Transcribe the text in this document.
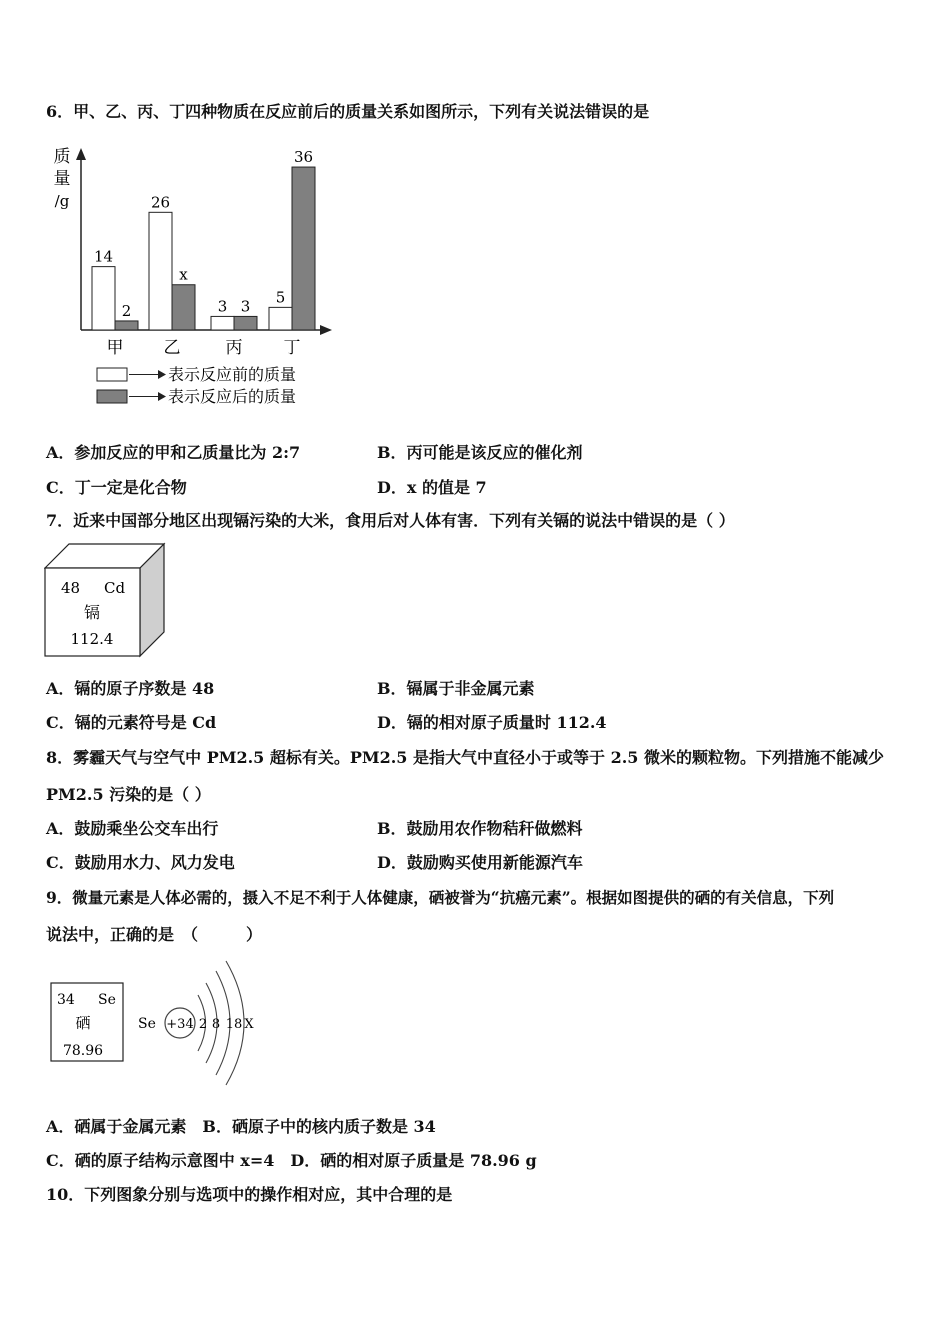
6．甲、乙、丙、丁四种物质在反应前后的质量关系如图所示，下列有关说法错误的是
质
量
/g
14
2
甲
26
x
乙
3 3
丙
5
36
丁
表示反应前的质量
表示反应后的质量
A．参加反应的甲和乙质量比为 2:7	B．丙可能是该反应的催化剂
C．丁一定是化合物	D．x 的值是 7
7．近来中国部分地区出现镉污染的大米，食用后对人体有害．下列有关镉的说法中错误的是（ ）
48 Cd
镉
112.4
A．镉的原子序数是 48	B．镉属于非金属元素
C．镉的元素符号是 Cd	D．镉的相对原子质量时 112.4
8．雾霾天气与空气中 PM2.5 超标有关。PM2.5 是指大气中直径小于或等于 2.5 微米的颗粒物。下列措施不能减少
PM2.5 污染的是（ ）
A．鼓励乘坐公交车出行	B．鼓励用农作物秸秆做燃料
C．鼓励用水力、风力发电	D．鼓励购买使用新能源汽车
9．微量元素是人体必需的，摄入不足不利于人体健康，硒被誉为“抗癌元素”。根据如图提供的硒的有关信息，下列
说法中，正确的是　（　　　）
34 Se
硒
78.96
Se +34 2 8 18 X
A．硒属于金属元素　B．硒原子中的核内质子数是 34
C．硒的原子结构示意图中 x=4　D．硒的相对原子质量是 78.96 g
10．下列图象分别与选项中的操作相对应，其中合理的是
